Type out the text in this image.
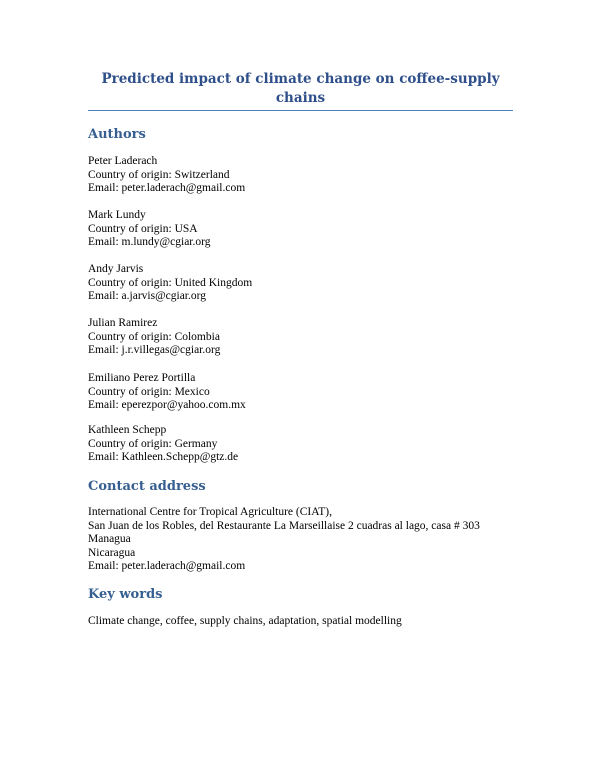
Predicted impact of climate change on coffee-supply
chains
Authors
Peter Laderach
Country of origin: Switzerland
Email: peter.laderach@gmail.com
Mark Lundy
Country of origin: USA
Email: m.lundy@cgiar.org
Andy Jarvis
Country of origin: United Kingdom
Email: a.jarvis@cgiar.org
Julian Ramirez
Country of origin: Colombia
Email: j.r.villegas@cgiar.org
Emiliano Perez Portilla
Country of origin: Mexico
Email: eperezpor@yahoo.com.mx
Kathleen Schepp
Country of origin: Germany
Email: Kathleen.Schepp@gtz.de
Contact address
International Centre for Tropical Agriculture (CIAT),
San Juan de los Robles, del Restaurante La Marseillaise 2 cuadras al lago, casa # 303
Managua
Nicaragua
Email: peter.laderach@gmail.com
Key words
Climate change, coffee, supply chains, adaptation, spatial modelling
